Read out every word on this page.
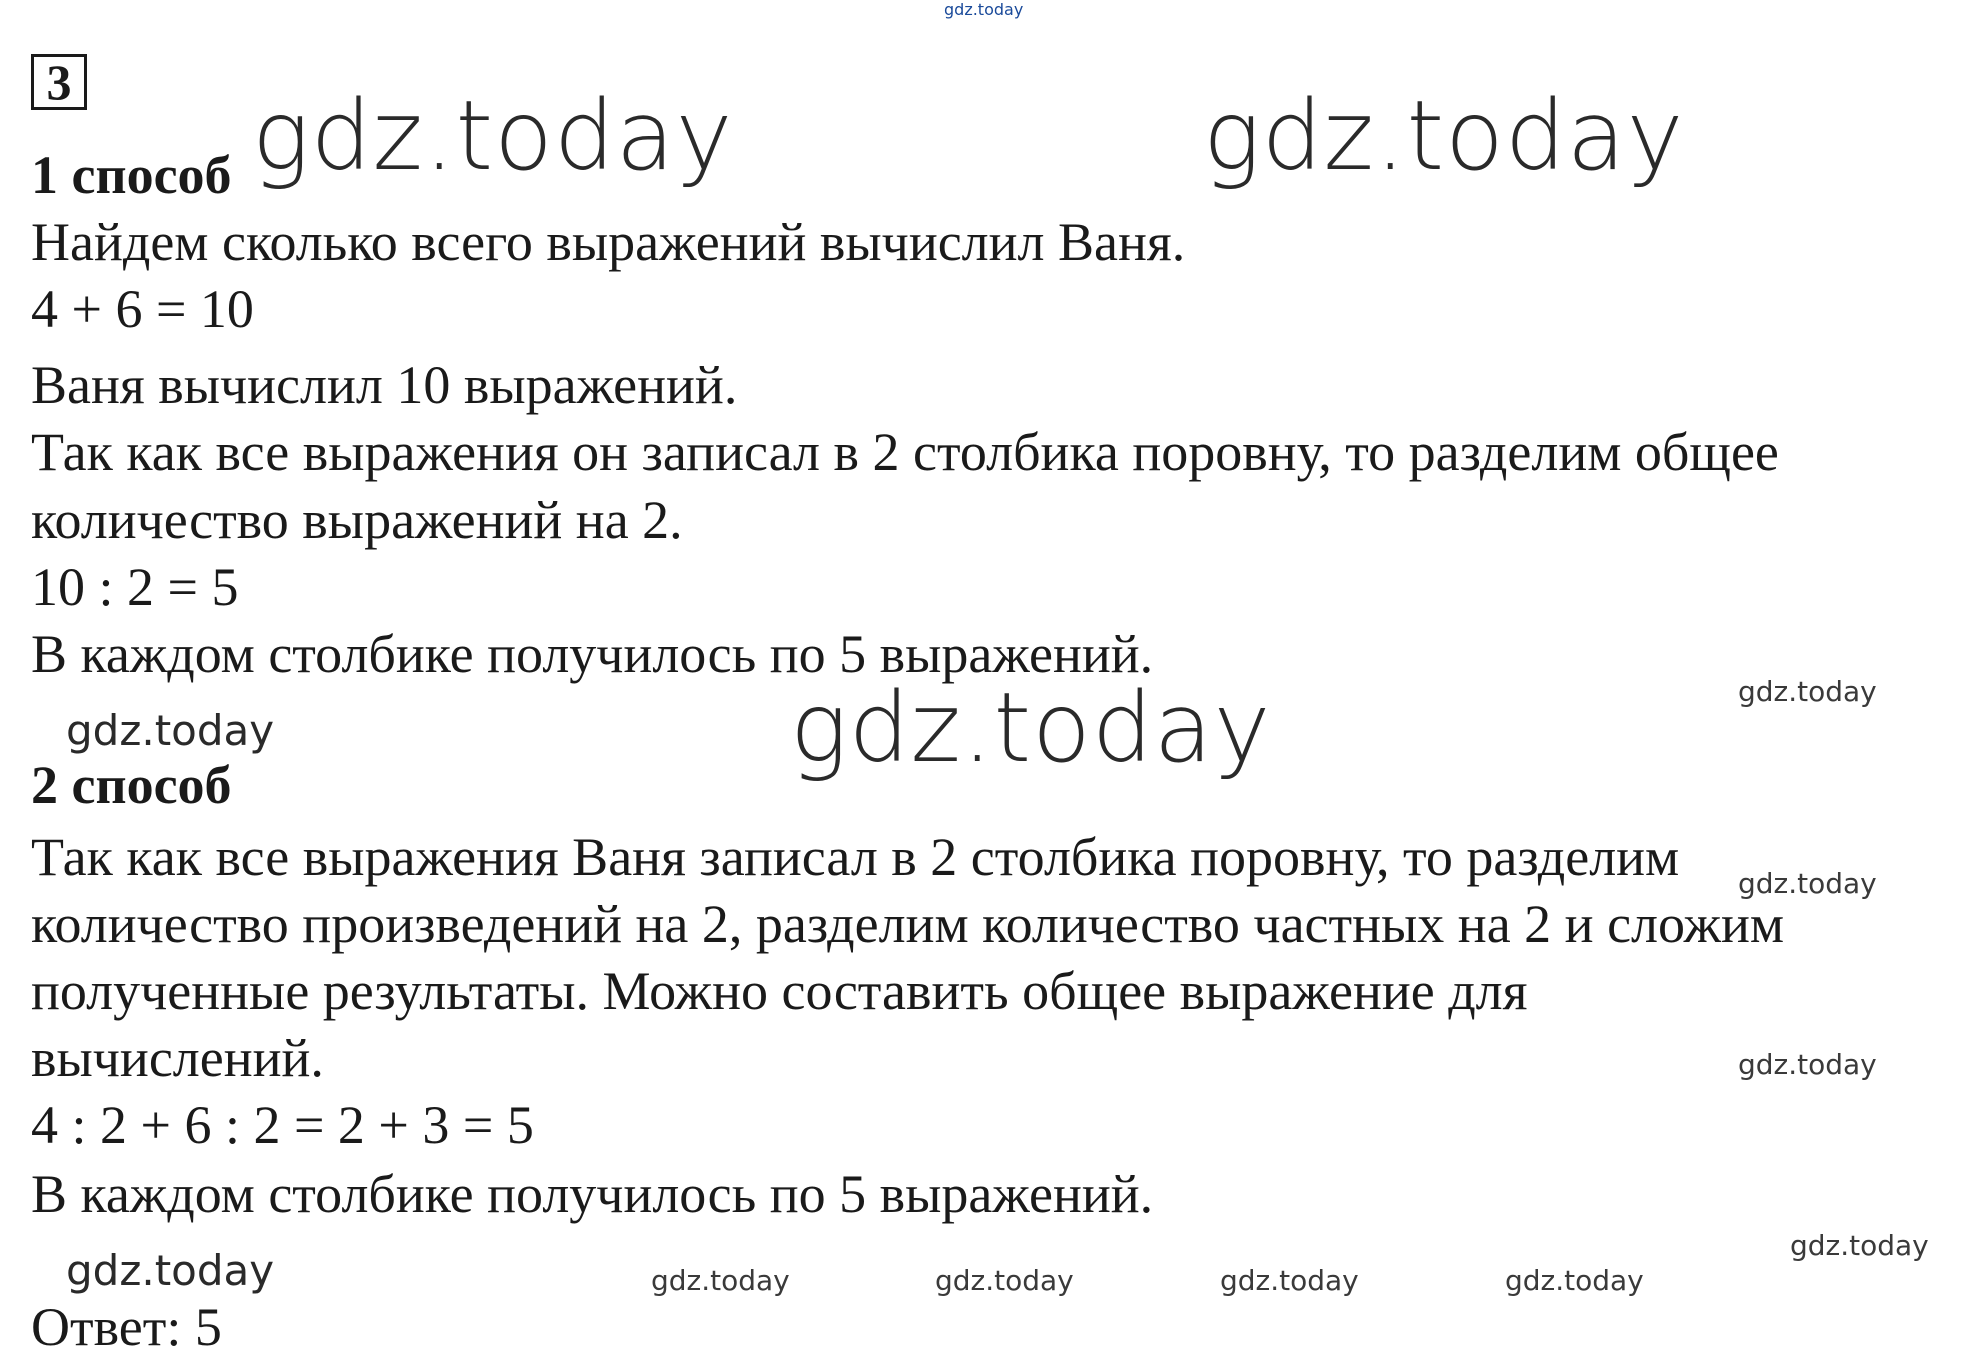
3
1 способ
Найдем сколько всего выражений вычислил Ваня.
4 + 6 = 10
Ваня вычислил 10 выражений.
Так как все выражения он записал в 2 столбика поровну, то разделим общее
количество выражений на 2.
10 : 2 = 5
В каждом столбике получилось по 5 выражений.
2 способ
Так как все выражения Ваня записал в 2 столбика поровну, то разделим
количество произведений на 2, разделим количество частных на 2 и сложим
полученные результаты. Можно составить общее выражение для
вычислений.
4 : 2 + 6 : 2 = 2 + 3 = 5
В каждом столбике получилось по 5 выражений.
Ответ: 5
gdz.today
gdz.today	gdz.today
gdz.today
gdz.today
gdz.today
gdz.today
gdz.today
gdz.today
gdz.today	gdz.today	gdz.today	gdz.today	gdz.today
